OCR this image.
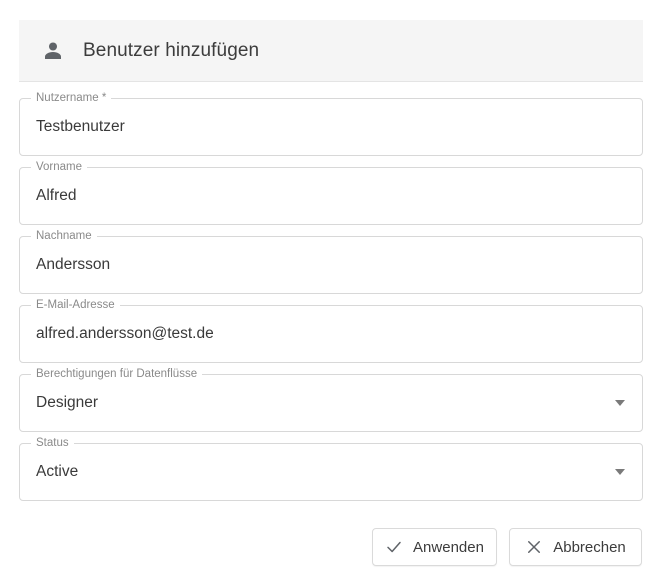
Benutzer hinzufügen
Nutzername *
Testbenutzer
Vorname
Alfred
Nachname
Andersson
E-Mail-Adresse
alfred.andersson@test.de
Berechtigungen für Datenflüsse
Designer
Status
Active
Anwenden	Abbrechen
